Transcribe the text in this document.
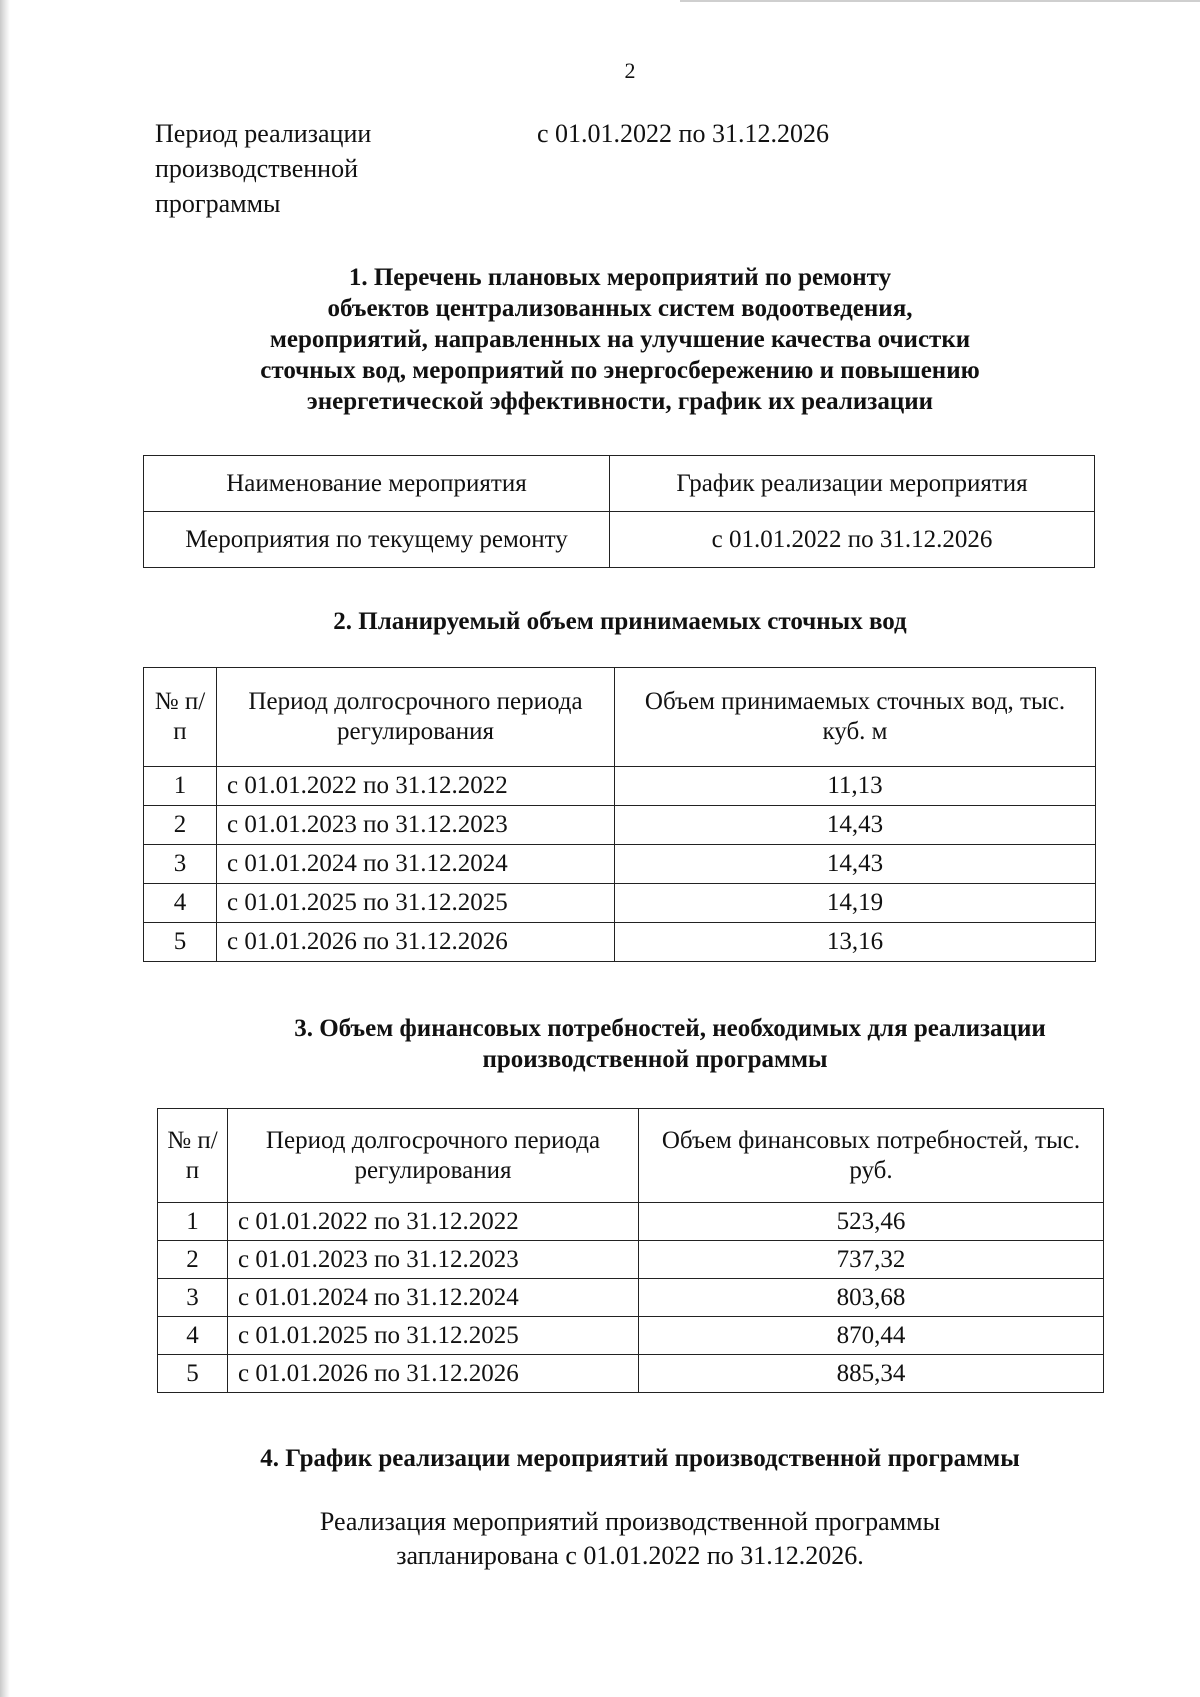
2
Период реализации
производственной
программы
с 01.01.2022 по 31.12.2026
1. Перечень плановых мероприятий по ремонту
объектов централизованных систем водоотведения,
мероприятий, направленных на улучшение качества очистки
сточных вод, мероприятий по энергосбережению и повышению
энергетической эффективности, график их реализации
Наименование мероприятия	График реализации мероприятия
Мероприятия по текущему ремонту	с 01.01.2022 по 31.12.2026
2. Планируемый объем принимаемых сточных вод
№ п/п	Период долгосрочного периода регулирования	Объем принимаемых сточных вод, тыс. куб. м
1	с 01.01.2022 по 31.12.2022	11,13
2	с 01.01.2023 по 31.12.2023	14,43
3	с 01.01.2024 по 31.12.2024	14,43
4	с 01.01.2025 по 31.12.2025	14,19
5	с 01.01.2026 по 31.12.2026	13,16
3. Объем финансовых потребностей, необходимых для реализации
производственной программы
№ п/п	Период долгосрочного периода регулирования	Объем финансовых потребностей, тыс. руб.
1	с 01.01.2022 по 31.12.2022	523,46
2	с 01.01.2023 по 31.12.2023	737,32
3	с 01.01.2024 по 31.12.2024	803,68
4	с 01.01.2025 по 31.12.2025	870,44
5	с 01.01.2026 по 31.12.2026	885,34
4. График реализации мероприятий производственной программы
Реализация мероприятий производственной программы
запланирована с 01.01.2022 по 31.12.2026.
